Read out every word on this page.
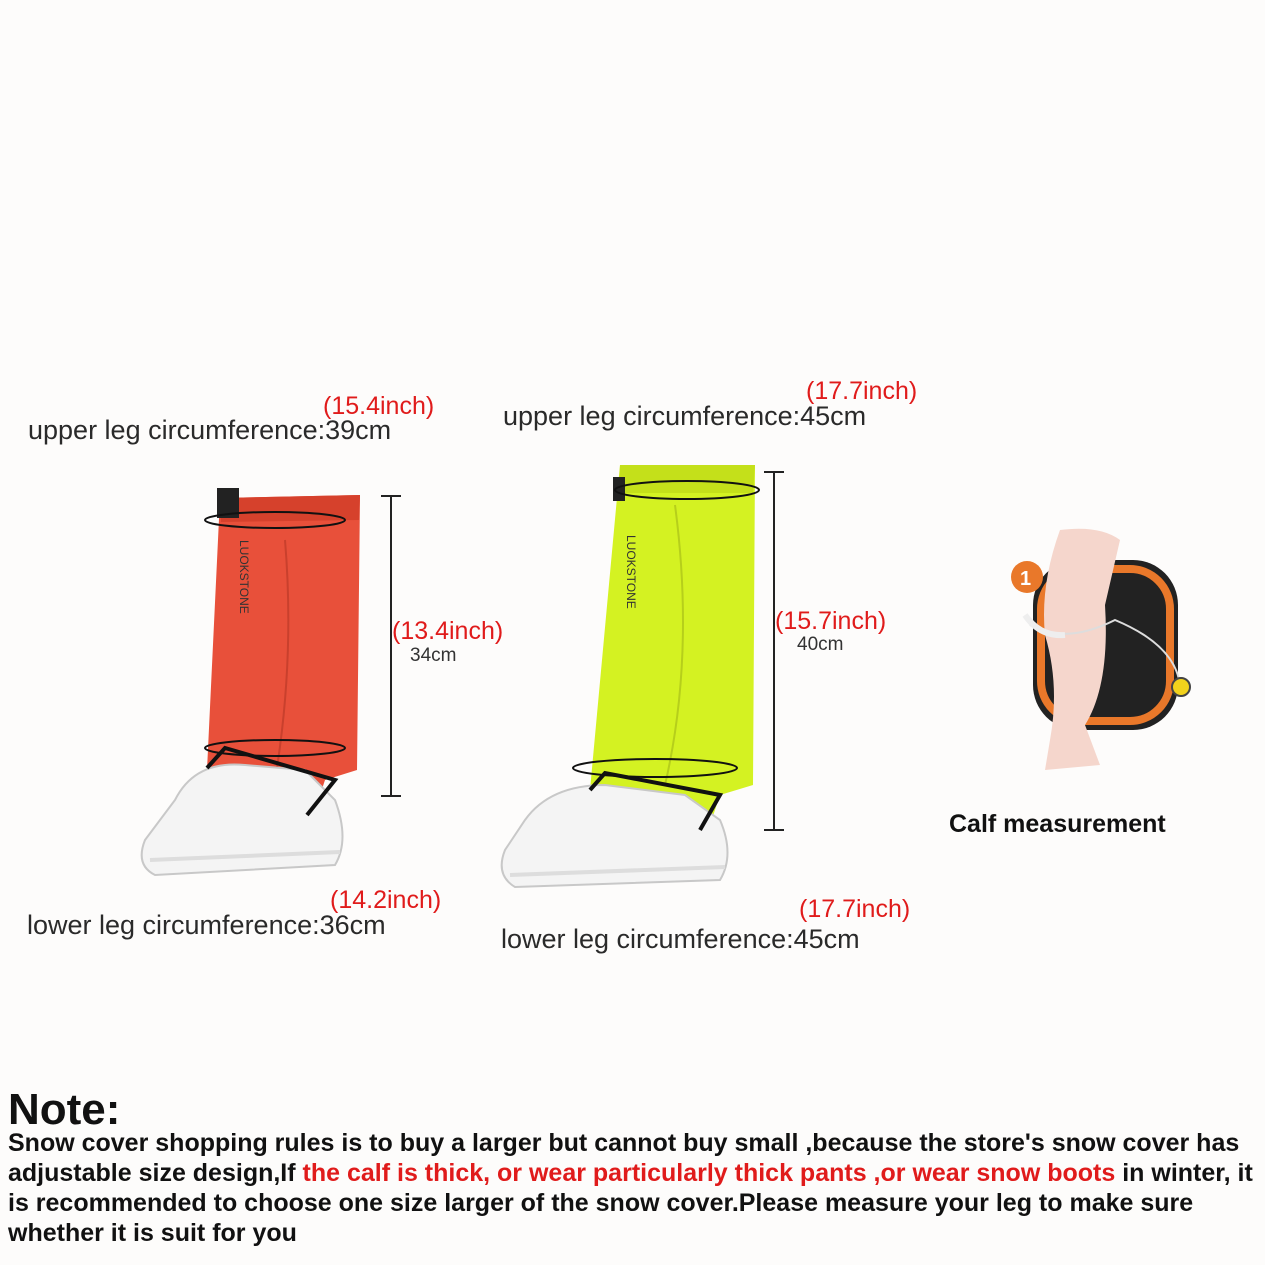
(15.4inch)
upper leg circumference:39cm
LUOKSTONE
(13.4inch)
34cm
(14.2inch)
lower leg circumference:36cm
(17.7inch)
upper leg circumference:45cm
LUOKSTONE
(15.7inch)
40cm
(17.7inch)
lower leg circumference:45cm
1
Calf measurement
Note:
Snow cover shopping rules is to buy a larger but cannot buy small ,because the store's snow cover has adjustable size design,If the calf is thick, or wear particularly thick pants ,or wear snow boots in winter, it is recommended to choose one size larger of the snow cover.Please measure your leg to make sure whether it is suit for you
